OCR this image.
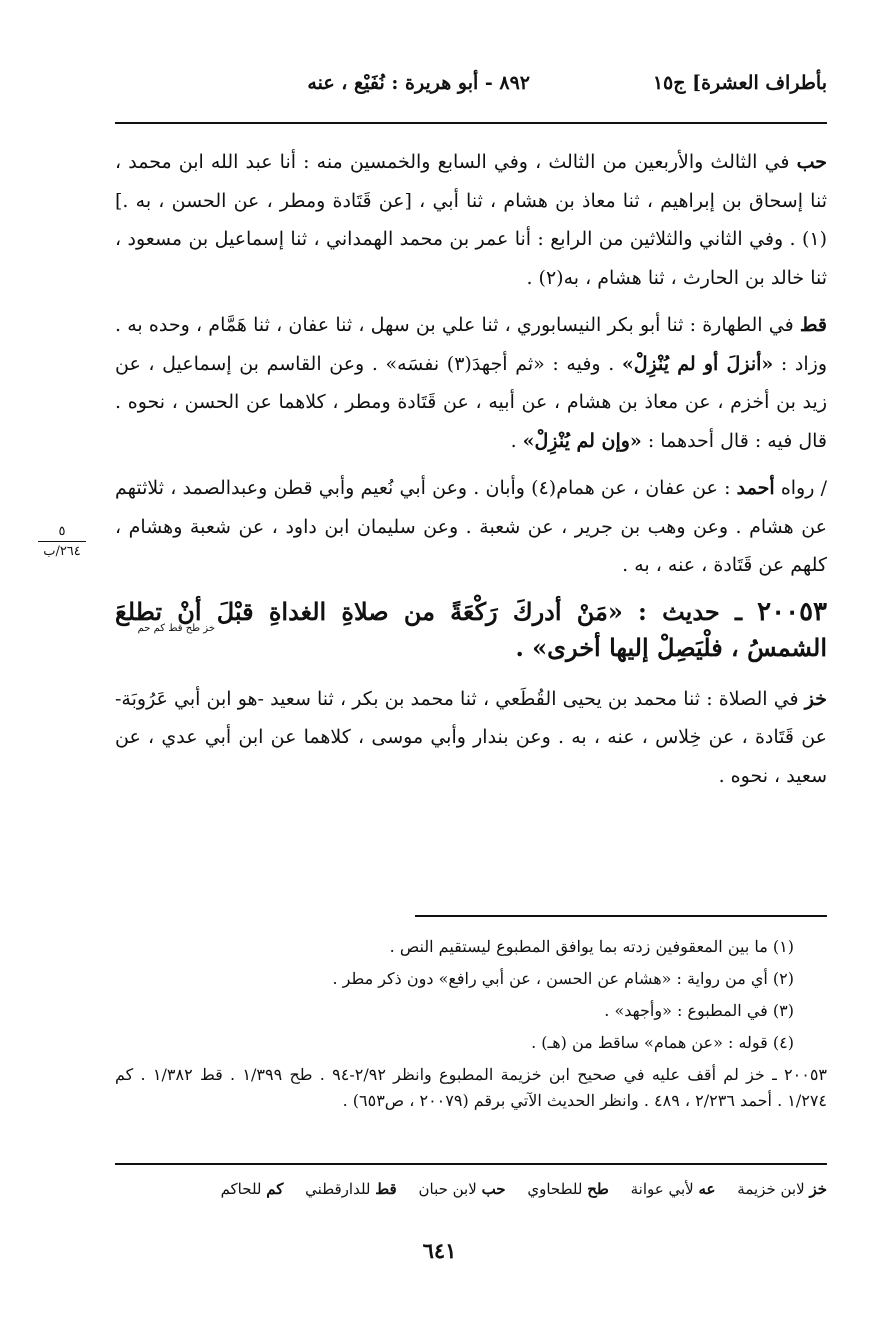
بأطراف العشرة] ج١٥
٨٩٢ - أبو هريرة : نُفَيْع ، عنه

حب في الثالث والأربعين من الثالث ، وفي السابع والخمسين منه : أنا عبد الله ابن محمد ، ثنا إسحاق بن إبراهيم ، ثنا معاذ بن هشام ، ثنا أبي ، [عن قَتَادة ومطر ، عن الحسن ، به .](١) . وفي الثاني والثلاثين من الرابع : أنا عمر بن محمد الهمداني ، ثنا إسماعيل بن مسعود ، ثنا خالد بن الحارث ، ثنا هشام ، به(٢) .

قط في الطهارة : ثنا أبو بكر النيسابوري ، ثنا علي بن سهل ، ثنا عفان ، ثنا هَمَّام ، وحده به . وزاد : «أنزلَ أو لم يُنْزِلْ» . وفيه : «ثم أجهدَ(٣) نفسَه» . وعن القاسم بن إسماعيل ، عن زيد بن أخزم ، عن معاذ بن هشام ، عن أبيه ، عن قَتَادة ومطر ، كلاهما عن الحسن ، نحوه . قال فيه : قال أحدهما : «وإن لم يُنْزِلْ» .

/ رواه أحمد : عن عفان ، عن همام(٤) وأبان . وعن أبي نُعيم وأبي قطن وعبدالصمد ، ثلاثتهم عن هشام . وعن وهب بن جرير ، عن شعبة . وعن سليمان ابن داود ، عن شعبة وهشام ، كلهم عن قَتَادة ، عنه ، به .

٢٠٠٥٣ ـ حديث : «مَنْ أدركَ رَكْعَةً من صلاةِ الغداةِ قبْلَ أنْ تطلعَ الشمسُ ، فلْيَصِلْ إليها أخرى» .
خز طح قط كم حم

خز في الصلاة : ثنا محمد بن يحيى القُطَعي ، ثنا محمد بن بكر ، ثنا سعيد -هو ابن أبي عَرُوبَة- عن قَتَادة ، عن خِلاس ، عنه ، به . وعن بندار وأبي موسى ، كلاهما عن ابن أبي عدي ، عن سعيد ، نحوه .

٥
٢٦٤/ب
(١) ما بين المعقوفين زدته بما يوافق المطبوع ليستقيم النص .
(٢) أي من رواية : «هشام عن الحسن ، عن أبي رافع» دون ذكر مطر .
(٣) في المطبوع : «وأجهد» .
(٤) قوله : «عن همام» ساقط من (هـ) .
٢٠٠٥٣ ـ خز لم أقف عليه في صحيح ابن خزيمة المطبوع وانظر ٢/٩٢-٩٤ . طح ١/٣٩٩ . قط ١/٣٨٢ . كم ١/٢٧٤ . أحمد ٢/٢٣٦ ، ٤٨٩ . وانظر الحديث الآتي برقم (٢٠٠٧٩ ، ص٦٥٣) .
خز لابن خزيمة عه لأبي عوانة طح للطحاوي حب لابن حبان قط للدارقطني كم للحاكم
٦٤١
